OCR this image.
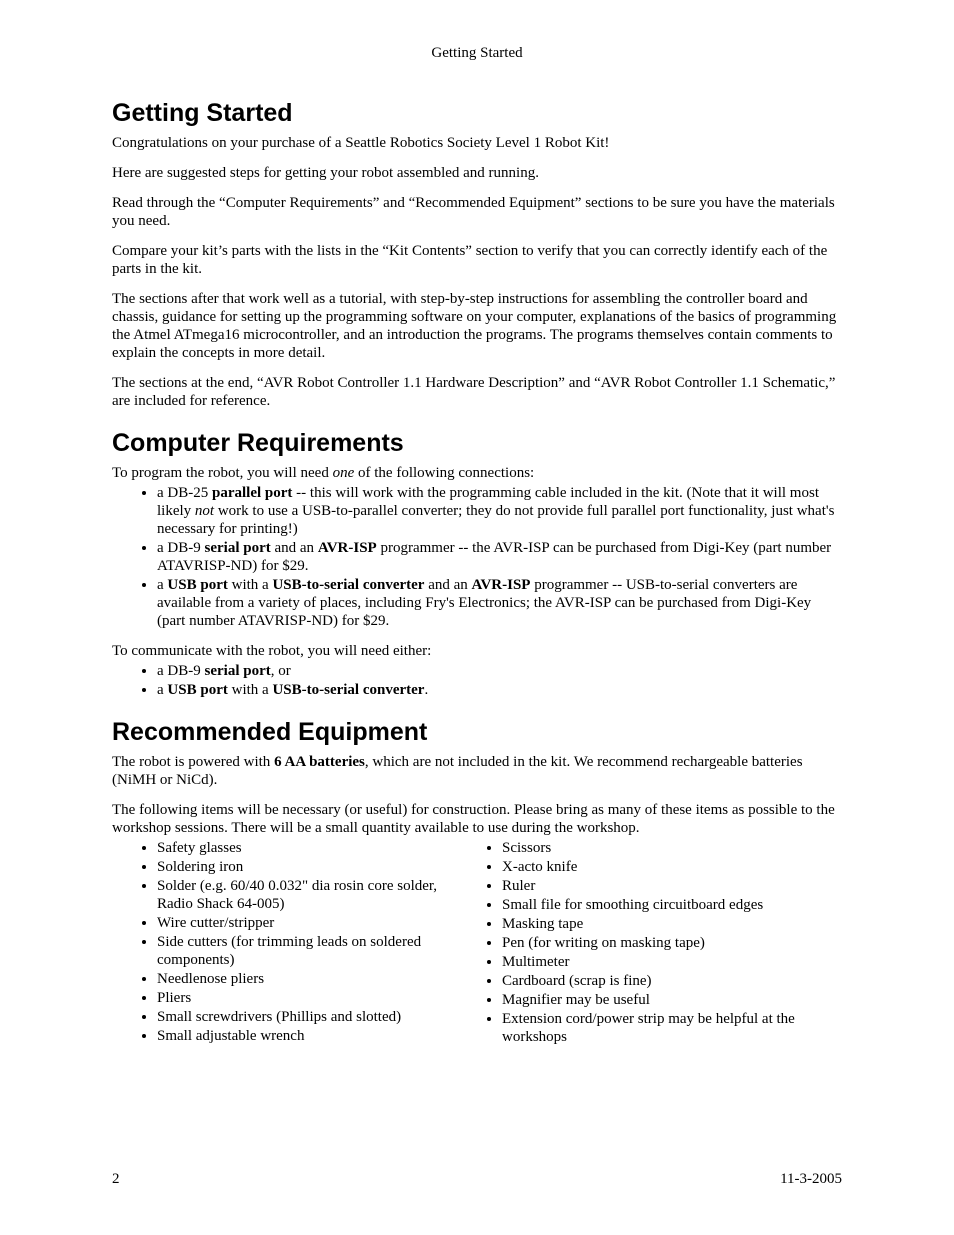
Getting Started
Getting Started

Congratulations on your purchase of a Seattle Robotics Society Level 1 Robot Kit!

Here are suggested steps for getting your robot assembled and running.

Read through the “Computer Requirements” and “Recommended Equipment” sections to be sure you have the materials you need.

Compare your kit’s parts with the lists in the “Kit Contents” section to verify that you can correctly identify each of the parts in the kit.

The sections after that work well as a tutorial, with step-by-step instructions for assembling the controller board and chassis, guidance for setting up the programming software on your computer, explanations of the basics of programming the Atmel ATmega16 microcontroller, and an introduction the programs. The programs themselves contain comments to explain the concepts in more detail.

The sections at the end, “AVR Robot Controller 1.1 Hardware Description” and “AVR Robot Controller 1.1 Schematic,” are included for reference.

Computer Requirements

To program the robot, you will need one of the following connections:

• a DB-25 parallel port -- this will work with the programming cable included in the kit. (Note that it will most likely not work to use a USB-to-parallel converter; they do not provide full parallel port functionality, just what's necessary for printing!)
• a DB-9 serial port and an AVR-ISP programmer -- the AVR-ISP can be purchased from Digi-Key (part number ATAVRISP-ND) for $29.
• a USB port with a USB-to-serial converter and an AVR-ISP programmer -- USB-to-serial converters are available from a variety of places, including Fry's Electronics; the AVR-ISP can be purchased from Digi-Key (part number ATAVRISP-ND) for $29.

To communicate with the robot, you will need either:

• a DB-9 serial port, or
• a USB port with a USB-to-serial converter.
Recommended Equipment

The robot is powered with 6 AA batteries, which are not included in the kit. We recommend rechargeable batteries (NiMH or NiCd).

The following items will be necessary (or useful) for construction. Please bring as many of these items as possible to the workshop sessions. There will be a small quantity available to use during the workshop.

• Safety glasses
• Soldering iron
• Solder (e.g. 60/40 0.032" dia rosin core solder, Radio Shack 64-005)
• Wire cutter/stripper
• Side cutters (for trimming leads on soldered components)
• Needlenose pliers
• Pliers
• Small screwdrivers (Phillips and slotted)
• Small adjustable wrench
• Scissors
• X-acto knife
• Ruler
• Small file for smoothing circuitboard edges
• Masking tape
• Pen (for writing on masking tape)
• Multimeter
• Cardboard (scrap is fine)
• Magnifier may be useful
• Extension cord/power strip may be helpful at the workshops
2	11-3-2005
